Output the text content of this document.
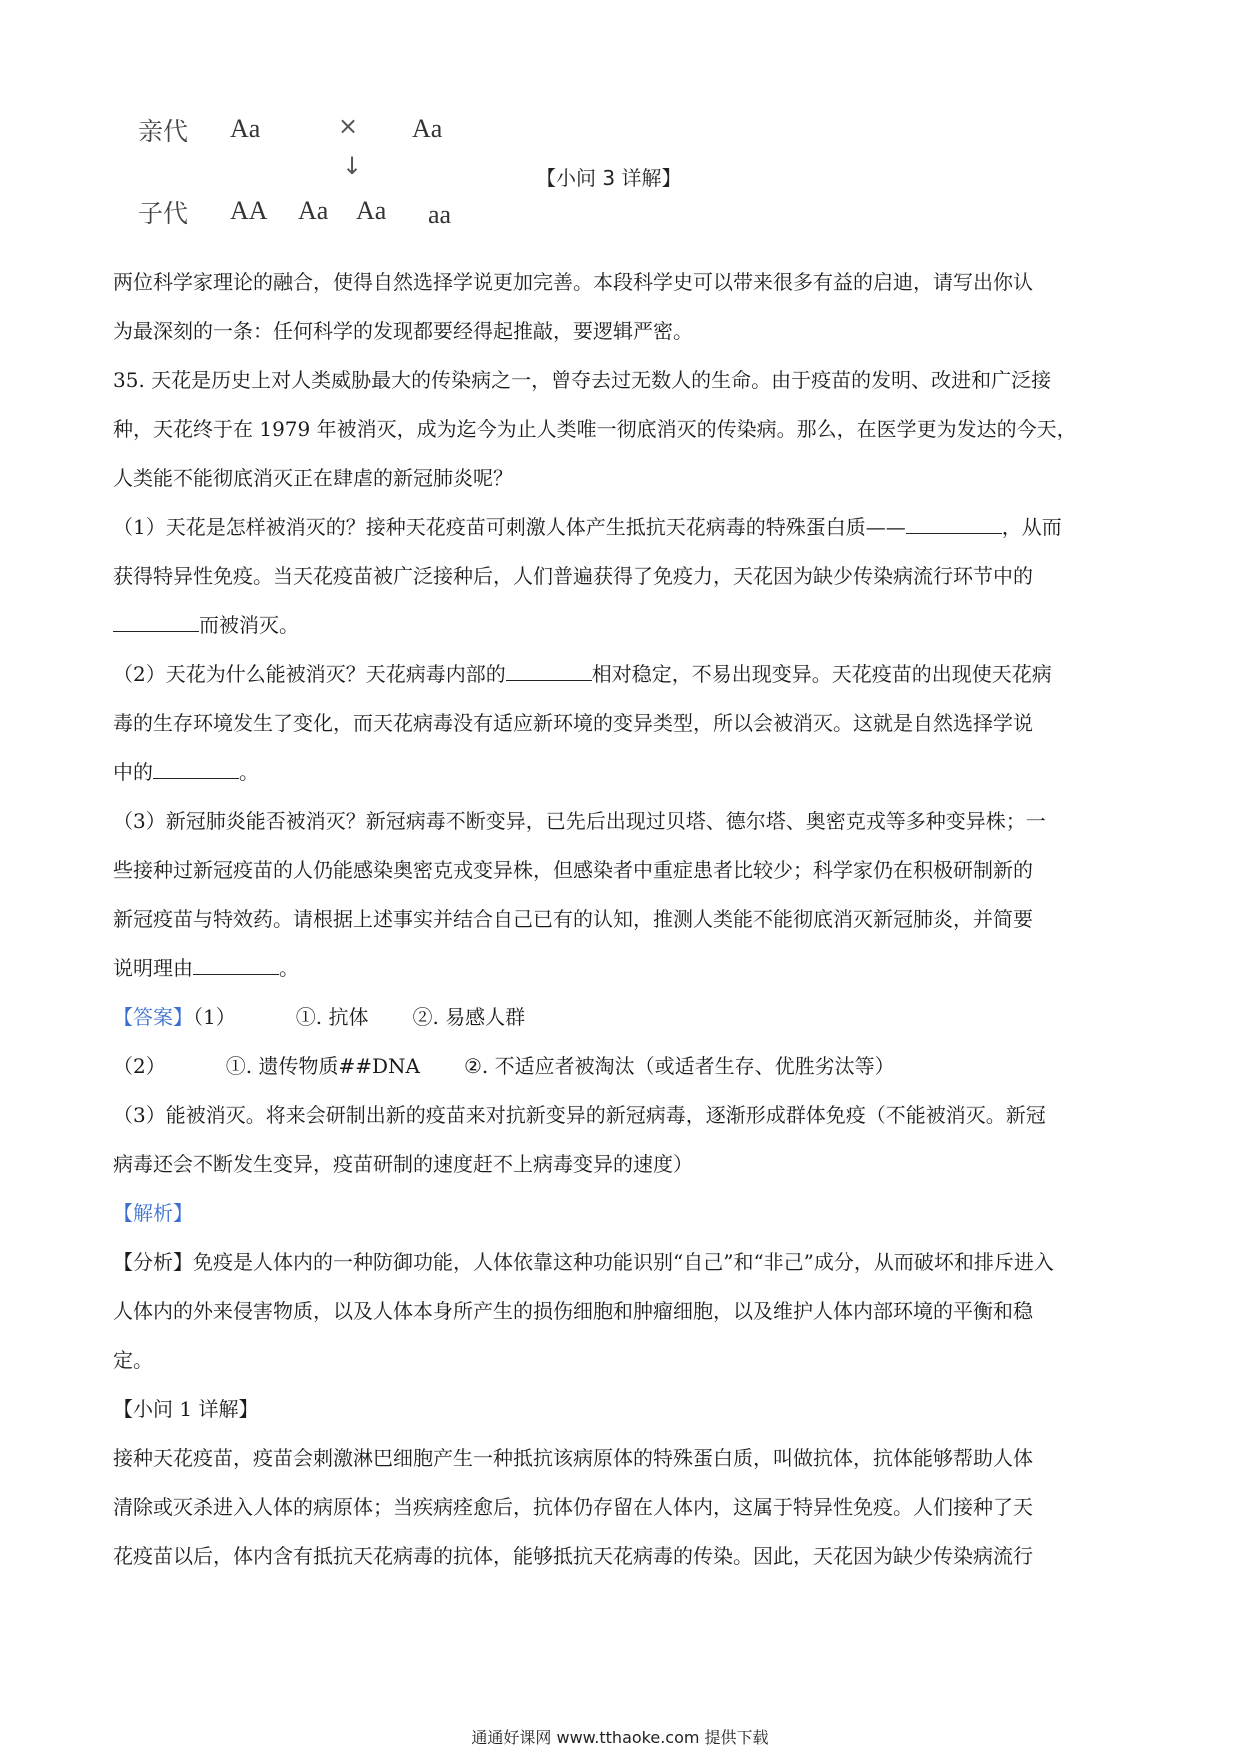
亲代 Aa	× Aa
↓
子代 AA Aa Aa aa
【小问 3 详解】

两位科学家理论的融合，使得自然选择学说更加完善。本段科学史可以带来很多有益的启迪，请写出你认

为最深刻的一条：任何科学的发现都要经得起推敲，要逻辑严密。

35. 天花是历史上对人类威胁最大的传染病之一，曾夺去过无数人的生命。由于疫苗的发明、改进和广泛接

种，天花终于在 1979 年被消灭，成为迄今为止人类唯一彻底消灭的传染病。那么，在医学更为发达的今天，

人类能不能彻底消灭正在肆虐的新冠肺炎呢？

（1）天花是怎样被消灭的？接种天花疫苗可刺激人体产生抵抗天花病毒的特殊蛋白质——	，从而

获得特异性免疫。当天花疫苗被广泛接种后，人们普遍获得了免疫力，天花因为缺少传染病流行环节中的

而被消灭。

（2）天花为什么能被消灭？天花病毒内部的	相对稳定，不易出现变异。天花疫苗的出现使天花病

毒的生存环境发生了变化，而天花病毒没有适应新环境的变异类型，所以会被消灭。这就是自然选择学说

中的	。

（3）新冠肺炎能否被消灭？新冠病毒不断变异，已先后出现过贝塔、德尔塔、奥密克戎等多种变异株；一

些接种过新冠疫苗的人仍能感染奥密克戎变异株，但感染者中重症患者比较少；科学家仍在积极研制新的

新冠疫苗与特效药。请根据上述事实并结合自己已有的认知，推测人类能不能彻底消灭新冠肺炎，并简要

说明理由	。

【答案】（1）	①. 抗体 ②. 易感人群

（2）	①. 遗传物质##DNA ②. 不适应者被淘汰（或适者生存、优胜劣汰等）

（3）能被消灭。将来会研制出新的疫苗来对抗新变异的新冠病毒，逐渐形成群体免疫（不能被消灭。新冠

病毒还会不断发生变异，疫苗研制的速度赶不上病毒变异的速度）

【解析】

【分析】免疫是人体内的一种防御功能，人体依靠这种功能识别“自己”和“非己”成分，从而破坏和排斥进入

人体内的外来侵害物质，以及人体本身所产生的损伤细胞和肿瘤细胞，以及维护人体内部环境的平衡和稳

定。

【小问 1 详解】

接种天花疫苗，疫苗会刺激淋巴细胞产生一种抵抗该病原体的特殊蛋白质，叫做抗体，抗体能够帮助人体

清除或灭杀进入人体的病原体；当疾病痊愈后，抗体仍存留在人体内，这属于特异性免疫。人们接种了天

花疫苗以后，体内含有抵抗天花病毒的抗体，能够抵抗天花病毒的传染。因此，天花因为缺少传染病流行

通通好课网 www.tthaoke.com 提供下载
